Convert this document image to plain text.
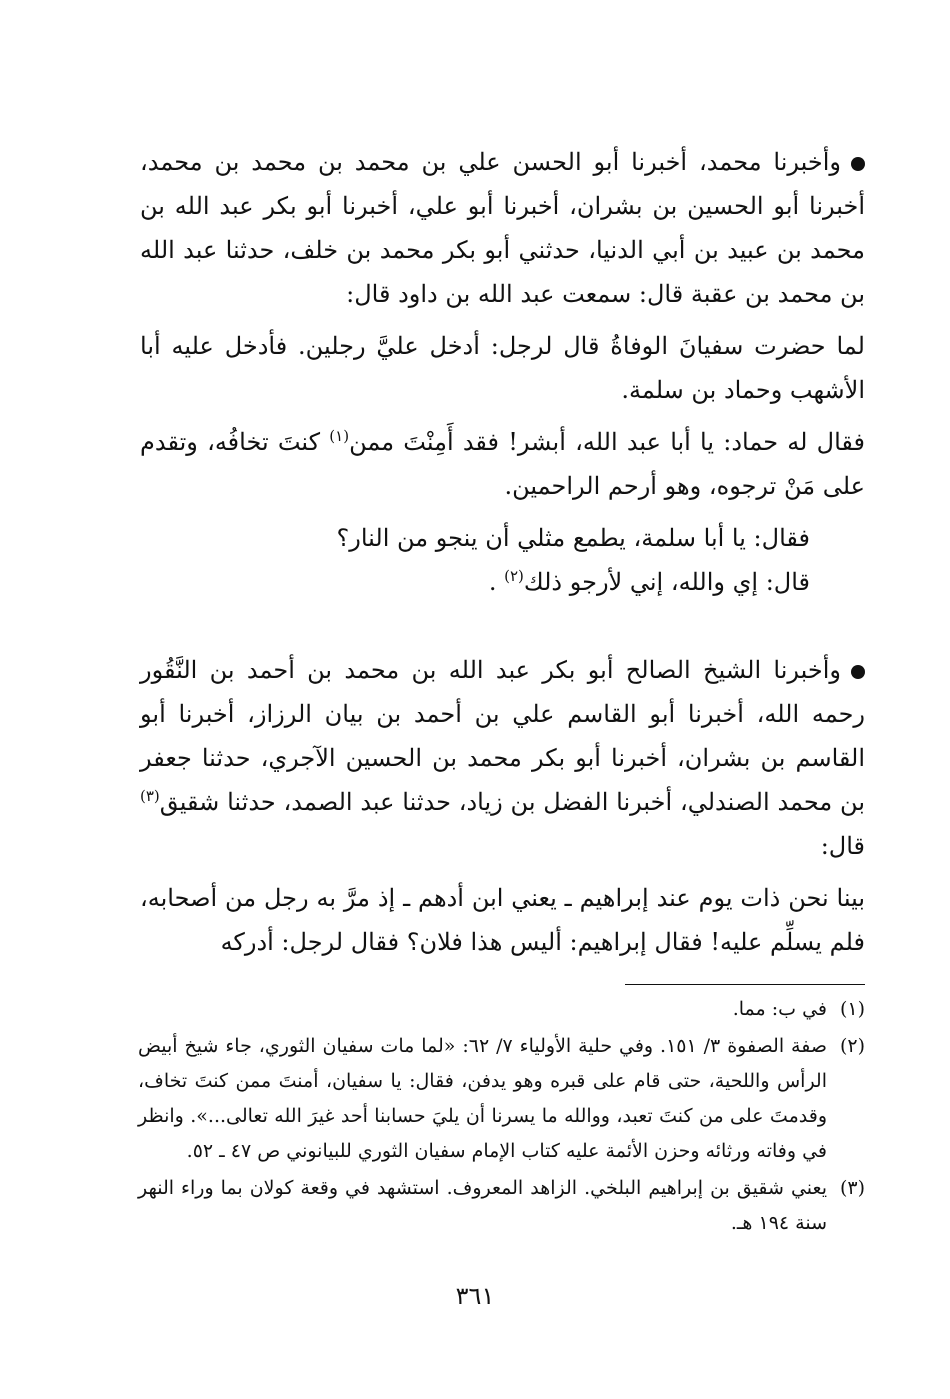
وأخبرنا محمد، أخبرنا أبو الحسن علي بن محمد بن محمد بن محمد، أخبرنا أبو الحسين بن بشران، أخبرنا أبو علي، أخبرنا أبو بكر عبد الله بن محمد بن عبيد بن أبي الدنيا، حدثني أبو بكر محمد بن خلف، حدثنا عبد الله بن محمد بن عقبة قال: سمعت عبد الله بن داود قال:

لما حضرت سفيانَ الوفاةُ قال لرجل: أدخل عليَّ رجلين. فأدخل عليه أبا الأشهب وحماد بن سلمة.

فقال له حماد: يا أبا عبد الله، أبشر! فقد أَمِنْتَ ممن$^{(١)}$ كنتَ تخافُه، وتقدم على مَنْ ترجوه، وهو أرحم الراحمين.

فقال: يا أبا سلمة، يطمع مثلي أن ينجو من النار؟
قال: إي والله، إني لأرجو ذلك$^{(٢)}$ .

وأخبرنا الشيخ الصالح أبو بكر عبد الله بن محمد بن أحمد بن النَّقُور رحمه الله، أخبرنا أبو القاسم علي بن أحمد بن بيان الرزاز، أخبرنا أبو القاسم بن بشران، أخبرنا أبو بكر محمد بن الحسين الآجري، حدثنا جعفر بن محمد الصندلي، أخبرنا الفضل بن زياد، حدثنا عبد الصمد، حدثنا شقيق$^{(٣)}$ قال:

بينا نحن ذات يوم عند إبراهيم ـ يعني ابن أدهم ـ إذ مرَّ به رجل من أصحابه، فلم يسلِّم عليه! فقال إبراهيم: أليس هذا فلان؟ فقال لرجل: أدركه

(١)
في ب: مما.
(٢)
صفة الصفوة ٣/ ١٥١. وفي حلية الأولياء ٧/ ٦٢: «لما مات سفيان الثوري، جاء شيخ أبيض الرأس واللحية، حتى قام على قبره وهو يدفن، فقال: يا سفيان، أمنتَ ممن كنتَ تخاف، وقدمتَ على من كنتَ تعبد، ووالله ما يسرنا أن يليَ حسابنا أحد غيرَ الله تعالى...». وانظر في وفاته ورثائه وحزن الأئمة عليه كتاب الإمام سفيان الثوري للبيانوني ص ٤٧ ـ ٥٢.
(٣)
يعني شقيق بن إبراهيم البلخي. الزاهد المعروف. استشهد في وقعة كولان بما وراء النهر سنة ١٩٤ هـ.
٣٦١
